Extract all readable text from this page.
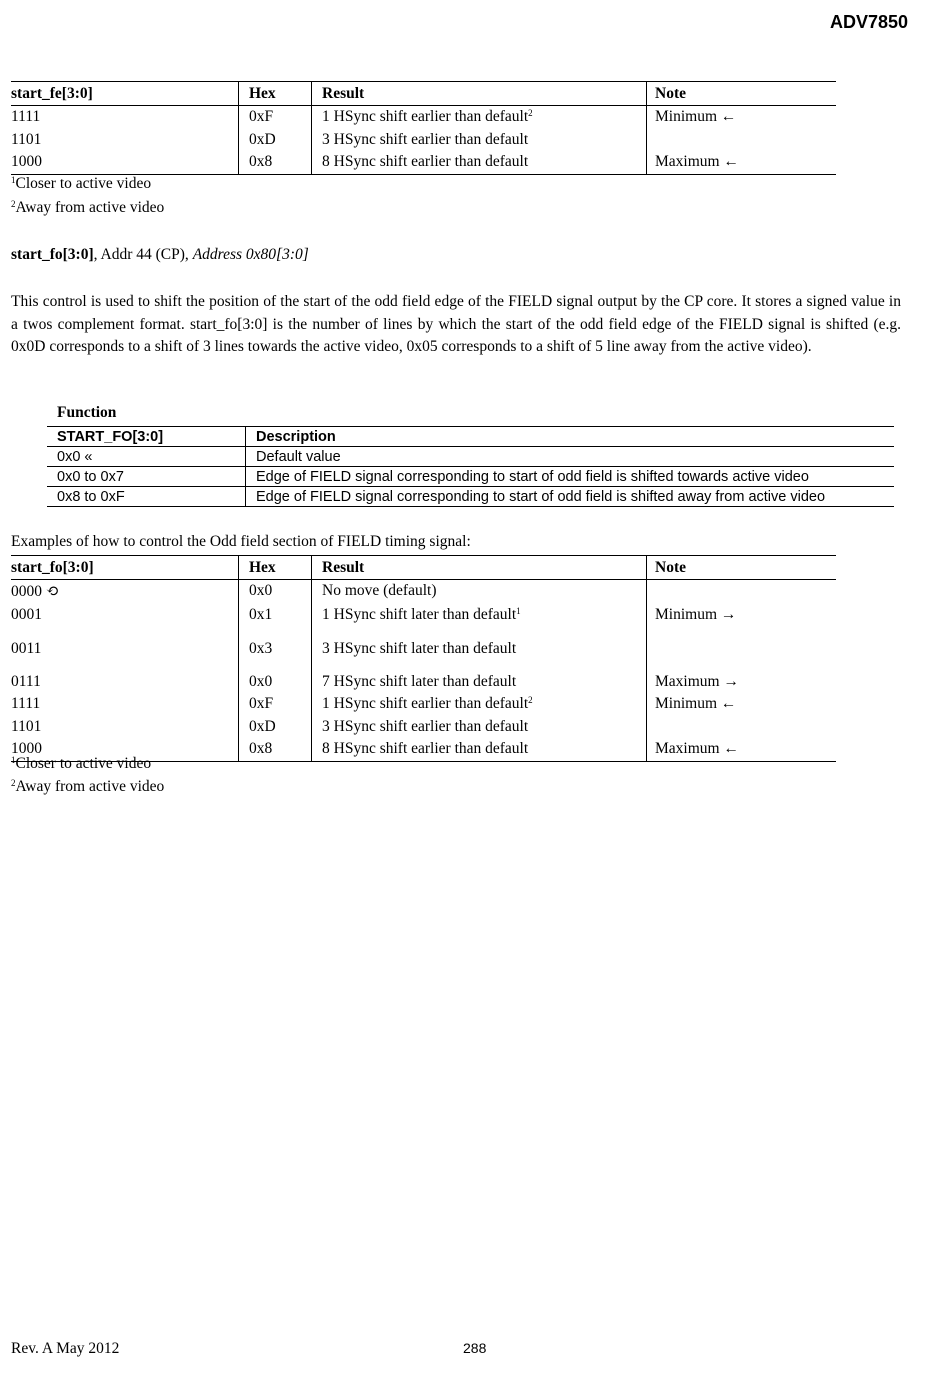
ADV7850
start_fe[3:0]	Hex	Result	Note
1111	0xF	1 HSync shift earlier than default$^2$	Minimum ←
1101	0xD	3 HSync shift earlier than default	
1000	0x8	8 HSync shift earlier than default	Maximum ←
$^1$Closer to active video
$^2$Away from active video
start_fo[3:0], Addr 44 (CP), Address 0x80[3:0]
This control is used to shift the position of the start of the odd field edge of the FIELD signal output by the CP core. It stores a signed value in a twos complement format. start_fo[3:0] is the number of lines by which the start of the odd field edge of the FIELD signal is shifted (e.g. 0x0D corresponds to a shift of 3 lines towards the active video, 0x05 corresponds to a shift of 5 line away from the active video).
Function
START_FO[3:0]	Description
0x0 «	Default value
0x0 to 0x7	Edge of FIELD signal corresponding to start of odd field is shifted towards active video
0x8 to 0xF	Edge of FIELD signal corresponding to start of odd field is shifted away from active video
Examples of how to control the Odd field section of FIELD timing signal:
start_fo[3:0]	Hex	Result	Note
0000 ⟲	0x0	No move (default)	
0001	0x1	1 HSync shift later than default$^1$	Minimum →
0011	0x3	3 HSync shift later than default	
0111	0x0	7 HSync shift later than default	Maximum →
1111	0xF	1 HSync shift earlier than default$^2$	Minimum ←
1101	0xD	3 HSync shift earlier than default	
1000	0x8	8 HSync shift earlier than default	Maximum ←
$^1$Closer to active video
$^2$Away from active video
Rev. A May 2012	288
